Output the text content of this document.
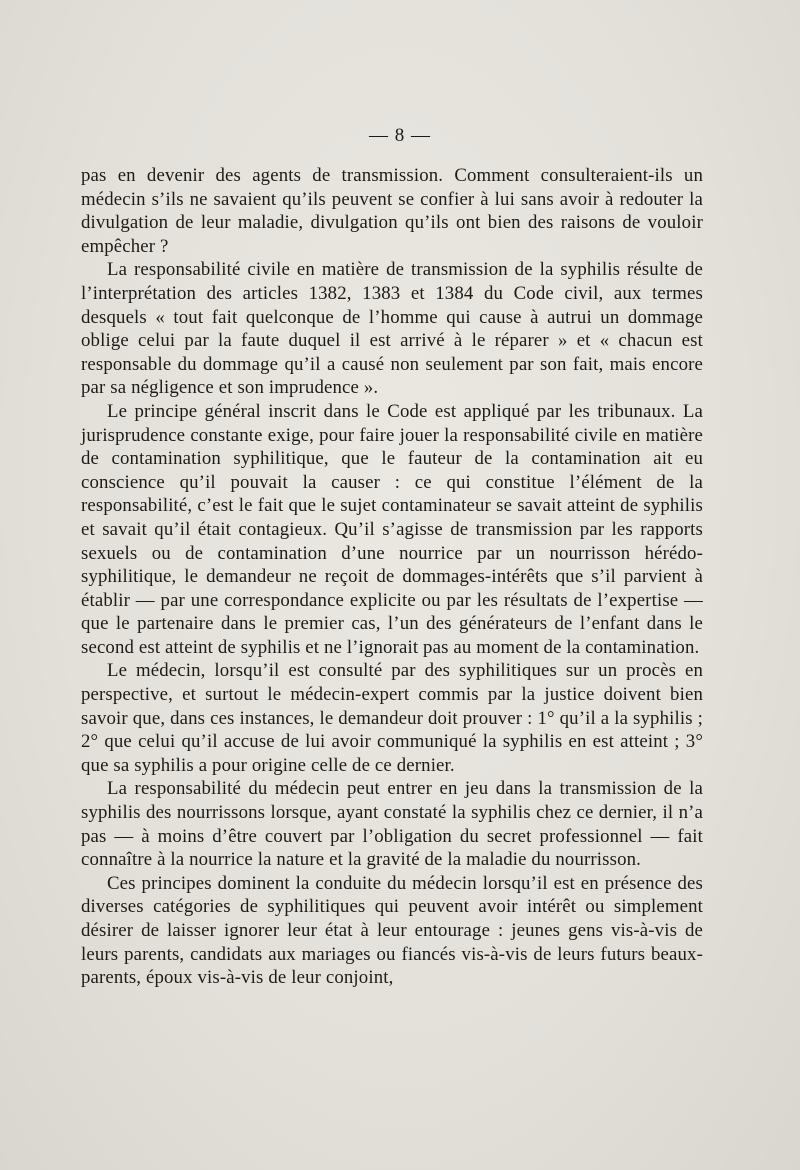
— 8 —

pas en devenir des agents de transmission. Comment consulteraient-ils un médecin s’ils ne savaient qu’ils peuvent se confier à lui sans avoir à redouter la divulgation de leur maladie, divulgation qu’ils ont bien des raisons de vouloir empêcher ?

La responsabilité civile en matière de transmission de la syphilis résulte de l’interprétation des articles 1382, 1383 et 1384 du Code civil, aux termes desquels « tout fait quelconque de l’homme qui cause à autrui un dommage oblige celui par la faute duquel il est arrivé à le réparer » et « chacun est responsable du dommage qu’il a causé non seulement par son fait, mais encore par sa négligence et son imprudence ».

Le principe général inscrit dans le Code est appliqué par les tribunaux. La jurisprudence constante exige, pour faire jouer la responsabilité civile en matière de contamination syphilitique, que le fauteur de la contamination ait eu conscience qu’il pouvait la causer : ce qui constitue l’élément de la responsabilité, c’est le fait que le sujet contaminateur se savait atteint de syphilis et savait qu’il était contagieux. Qu’il s’agisse de transmission par les rapports sexuels ou de contamination d’une nourrice par un nourrisson hérédo-syphilitique, le demandeur ne reçoit de dommages-intérêts que s’il parvient à établir — par une correspondance explicite ou par les résultats de l’expertise — que le partenaire dans le premier cas, l’un des générateurs de l’enfant dans le second est atteint de syphilis et ne l’ignorait pas au moment de la contamination.

Le médecin, lorsqu’il est consulté par des syphilitiques sur un procès en perspective, et surtout le médecin-expert commis par la justice doivent bien savoir que, dans ces instances, le demandeur doit prouver : 1° qu’il a la syphilis ; 2° que celui qu’il accuse de lui avoir communiqué la syphilis en est atteint ; 3° que sa syphilis a pour origine celle de ce dernier.

La responsabilité du médecin peut entrer en jeu dans la transmission de la syphilis des nourrissons lorsque, ayant constaté la syphilis chez ce dernier, il n’a pas — à moins d’être couvert par l’obligation du secret professionnel — fait connaître à la nourrice la nature et la gravité de la maladie du nourrisson.

Ces principes dominent la conduite du médecin lorsqu’il est en présence des diverses catégories de syphilitiques qui peuvent avoir intérêt ou simplement désirer de laisser ignorer leur état à leur entourage : jeunes gens vis-à-vis de leurs parents, candidats aux mariages ou fiancés vis-à-vis de leurs futurs beaux-parents, époux vis-à-vis de leur conjoint,
